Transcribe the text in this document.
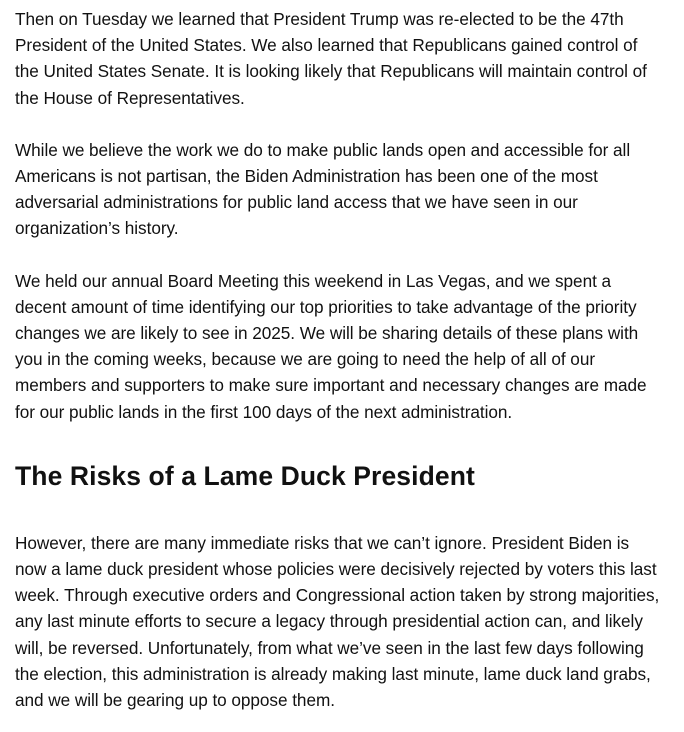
Then on Tuesday we learned that President Trump was re-elected to be the 47th
President of the United States. We also learned that Republicans gained control of
the United States Senate. It is looking likely that Republicans will maintain control of
the House of Representatives.

While we believe the work we do to make public lands open and accessible for all
Americans is not partisan, the Biden Administration has been one of the most
adversarial administrations for public land access that we have seen in our
organization’s history.

We held our annual Board Meeting this weekend in Las Vegas, and we spent a
decent amount of time identifying our top priorities to take advantage of the priority
changes we are likely to see in 2025. We will be sharing details of these plans with
you in the coming weeks, because we are going to need the help of all of our
members and supporters to make sure important and necessary changes are made
for our public lands in the first 100 days of the next administration.

The Risks of a Lame Duck President

However, there are many immediate risks that we can’t ignore. President Biden is
now a lame duck president whose policies were decisively rejected by voters this last
week. Through executive orders and Congressional action taken by strong majorities,
any last minute efforts to secure a legacy through presidential action can, and likely
will, be reversed. Unfortunately, from what we’ve seen in the last few days following
the election, this administration is already making last minute, lame duck land grabs,
and we will be gearing up to oppose them.
